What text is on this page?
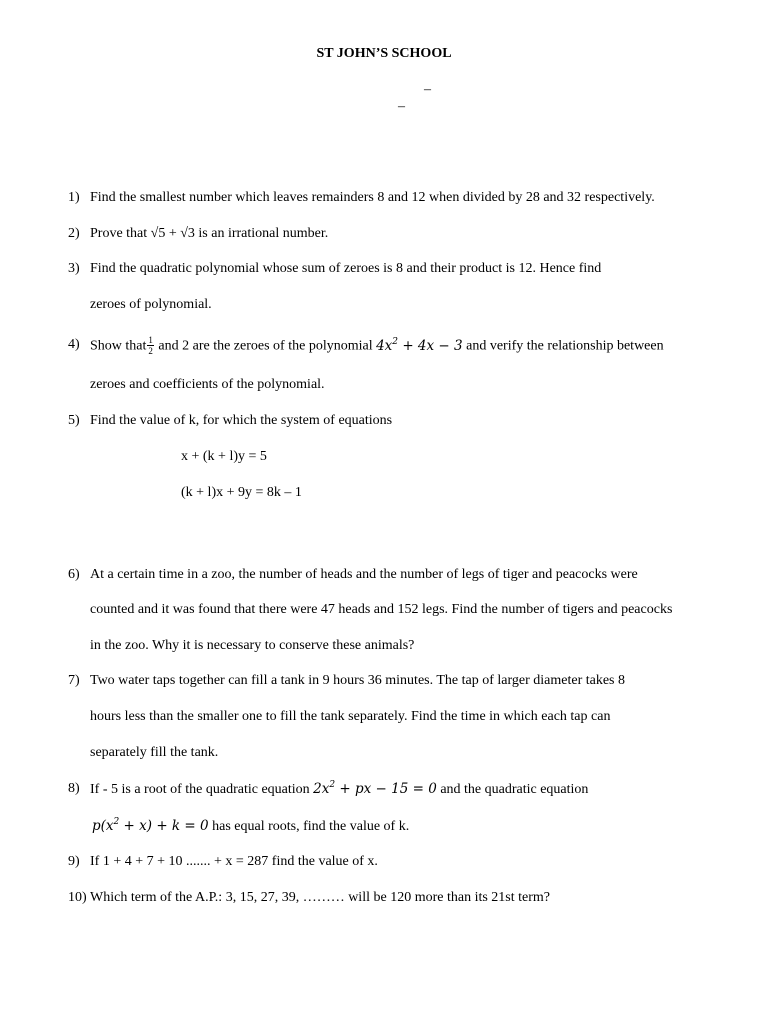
ST JOHN’S SCHOOL
–
–
1) Find the smallest number which leaves remainders 8 and 12 when divided by 28 and 32 respectively.
2) Prove that √5 + √3 is an irrational number.
3) Find the quadratic polynomial whose sum of zeroes is 8 and their product is 12. Hence find
zeroes of polynomial.
4) Show that $\frac{1}{2}$ and 2 are the zeroes of the polynomial $4x^2 + 4x - 3$ and verify the relationship between
zeroes and coefficients of the polynomial.
5) Find the value of k, for which the system of equations
x + (k + l)y = 5
(k + l)x + 9y = 8k – 1
6) At a certain time in a zoo, the number of heads and the number of legs of tiger and peacocks were
counted and it was found that there were 47 heads and 152 legs. Find the number of tigers and peacocks
in the zoo. Why it is necessary to conserve these animals?
7) Two water taps together can fill a tank in 9 hours 36 minutes. The tap of larger diameter takes 8
hours less than the smaller one to fill the tank separately. Find the time in which each tap can
separately fill the tank.
8) If - 5 is a root of the quadratic equation $2x^2$ + px − 15 = 0 and the quadratic equation
$p(x^2 + x) + k = 0$ has equal roots, find the value of k.
9) If 1 + 4 + 7 + 10 ....... + x = 287 find the value of x.
10) Which term of the A.P.: 3, 15, 27, 39, ……… will be 120 more than its 21st term?
